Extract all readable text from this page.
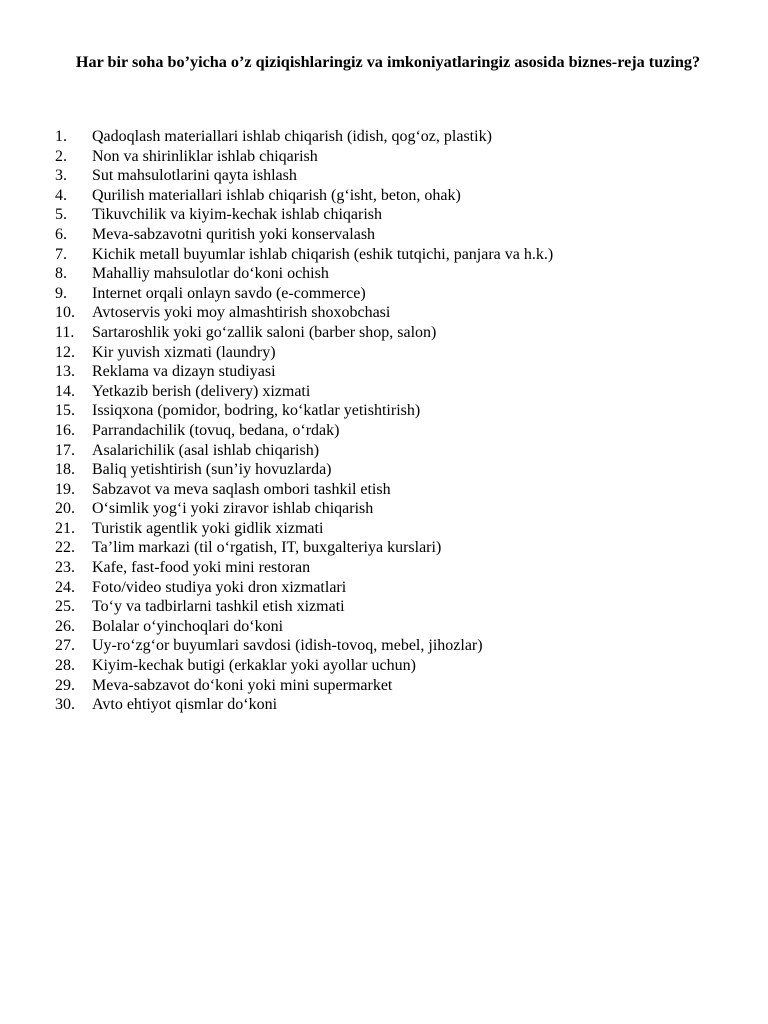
Har bir soha bo’yicha o’z qiziqishlaringiz va imkoniyatlaringiz asosida biznes-reja tuzing?

1.	Qadoqlash materiallari ishlab chiqarish (idish, qog‘oz, plastik)
2.	Non va shirinliklar ishlab chiqarish
3.	Sut mahsulotlarini qayta ishlash
4.	Qurilish materiallari ishlab chiqarish (g‘isht, beton, ohak)
5.	Tikuvchilik va kiyim-kechak ishlab chiqarish
6.	Meva-sabzavotni quritish yoki konservalash
7.	Kichik metall buyumlar ishlab chiqarish (eshik tutqichi, panjara va h.k.)
8.	Mahalliy mahsulotlar do‘koni ochish
9.	Internet orqali onlayn savdo (e-commerce)
10.	Avtoservis yoki moy almashtirish shoxobchasi
11.	Sartaroshlik yoki go‘zallik saloni (barber shop, salon)
12.	Kir yuvish xizmati (laundry)
13.	Reklama va dizayn studiyasi
14.	Yetkazib berish (delivery) xizmati
15.	Issiqxona (pomidor, bodring, ko‘katlar yetishtirish)
16.	Parrandachilik (tovuq, bedana, o‘rdak)
17.	Asalarichilik (asal ishlab chiqarish)
18.	Baliq yetishtirish (sun’iy hovuzlarda)
19.	Sabzavot va meva saqlash ombori tashkil etish
20.	O‘simlik yog‘i yoki ziravor ishlab chiqarish
21.	Turistik agentlik yoki gidlik xizmati
22.	Ta’lim markazi (til o‘rgatish, IT, buxgalteriya kurslari)
23.	Kafe, fast-food yoki mini restoran
24.	Foto/video studiya yoki dron xizmatlari
25.	To‘y va tadbirlarni tashkil etish xizmati
26.	Bolalar o‘yinchoqlari do‘koni
27.	Uy-ro‘zg‘or buyumlari savdosi (idish-tovoq, mebel, jihozlar)
28.	Kiyim-kechak butigi (erkaklar yoki ayollar uchun)
29.	Meva-sabzavot do‘koni yoki mini supermarket
30.	Avto ehtiyot qismlar do‘koni
